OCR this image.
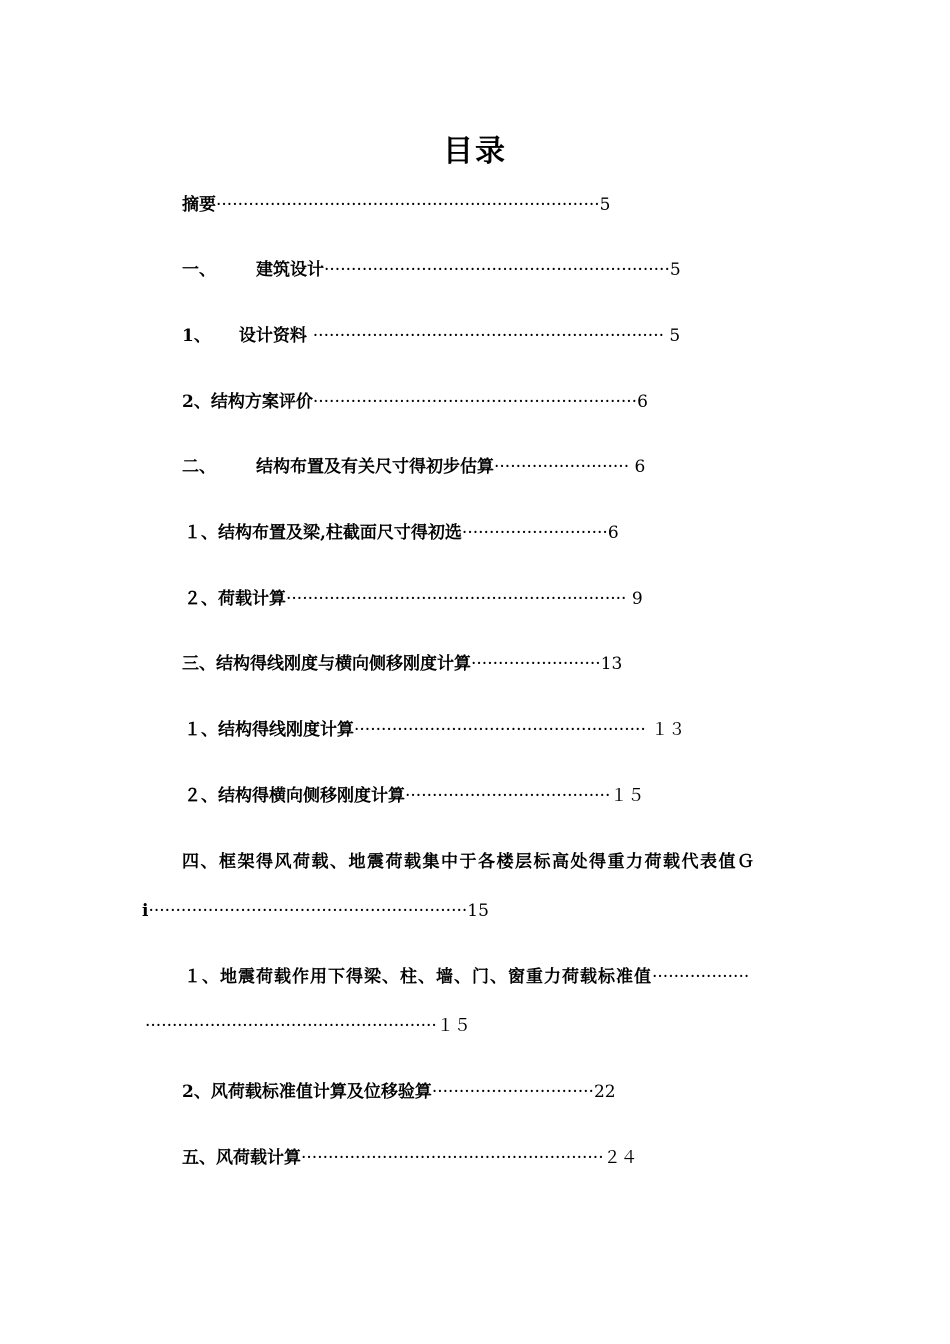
目录
摘要·······································································5
一、 建筑设计································································5
1、 设计资料 ································································· 5
2、结构方案评价····························································6
二、 结构布置及有关尺寸得初步估算························· 6
１、结构布置及梁,柱截面尺寸得初选···························6
２、荷载计算······························································· 9
三、结构得线刚度与横向侧移刚度计算························13
１、结构得线刚度计算······················································ １３
２、结构得横向侧移刚度计算······································１５
四、框架得风荷载、地震荷载集中于各楼层标高处得重力荷载代表值Ｇ
i···························································15
１、地震荷载作用下得梁、柱、墙、门、窗重力荷载标准值··················
······················································１５
2、风荷载标准值计算及位移验算······························22
五、风荷载计算························································２４
